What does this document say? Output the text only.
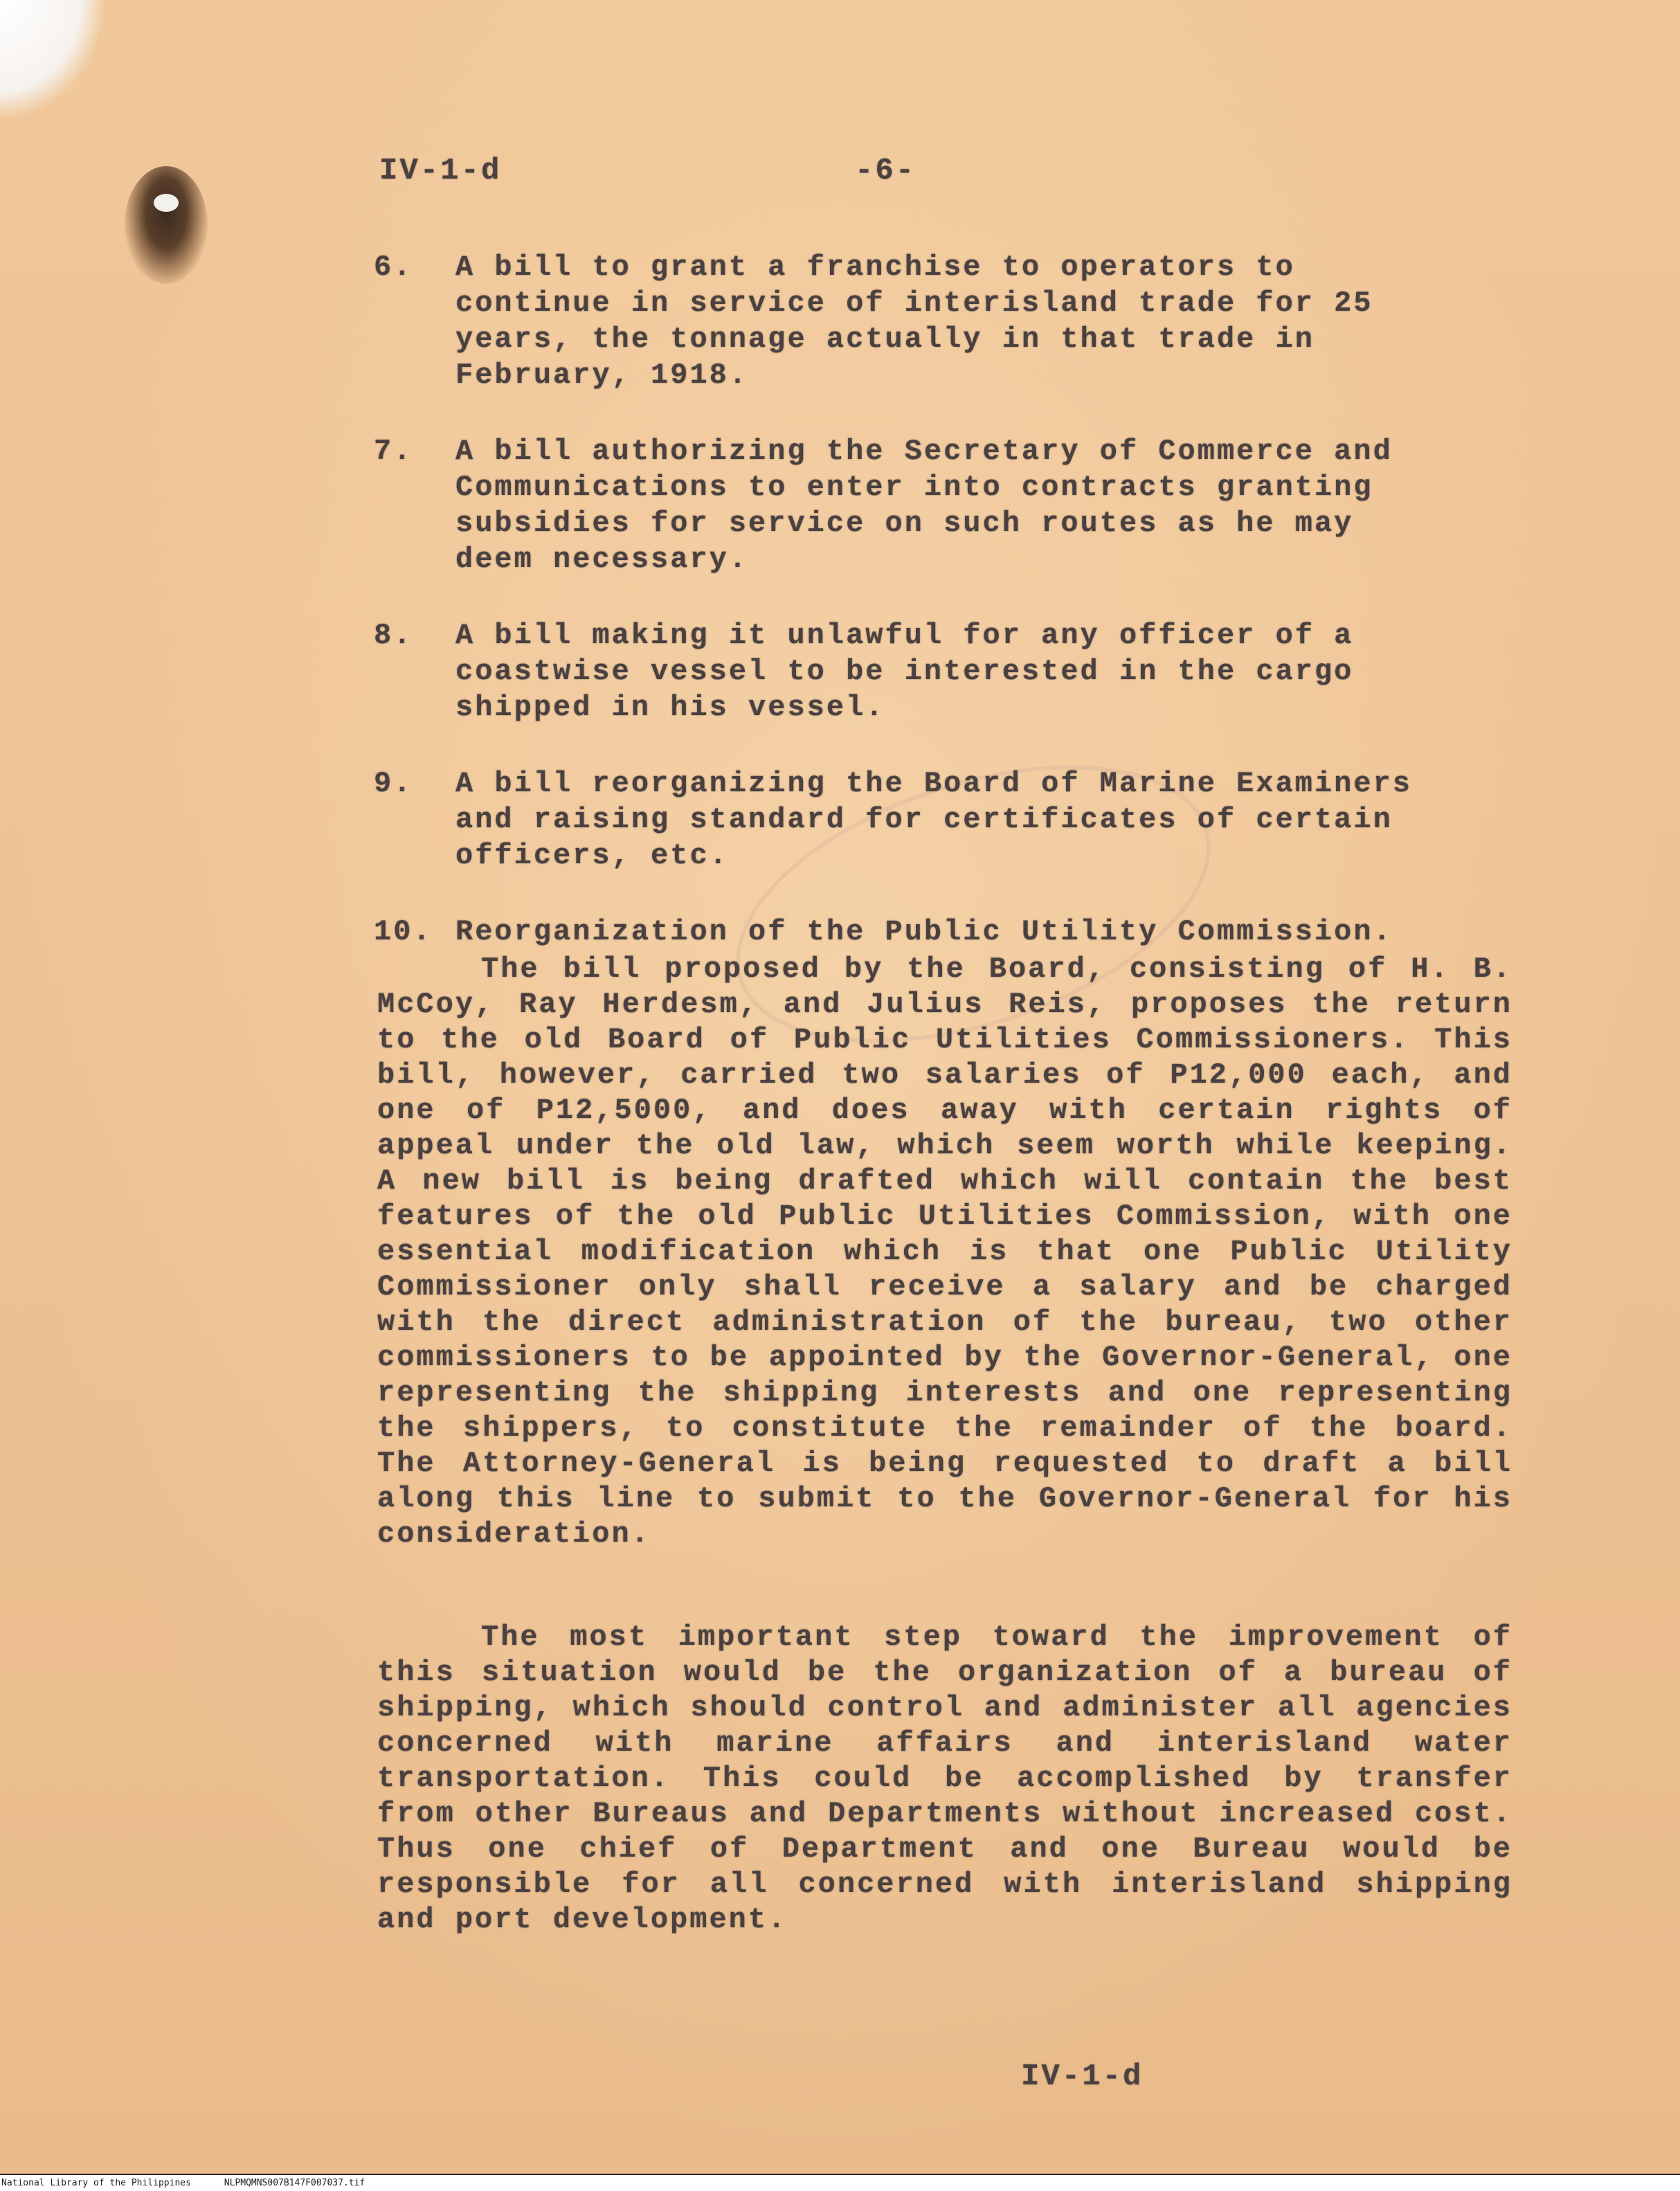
IV-1-d	-6-
6.	A bill to grant a franchise to operators to continue in service of interisland trade for 25 years, the tonnage actually in that trade in February, 1918.
7.	A bill authorizing the Secretary of Commerce and Communications to enter into contracts granting subsidies for service on such routes as he may deem necessary.
8.	A bill making it unlawful for any officer of a coastwise vessel to be interested in the cargo shipped in his vessel.
9.	A bill reorganizing the Board of Marine Examiners and raising standard for certificates of certain officers, etc.
10. Reorganization of the Public Utility Commission.
The bill proposed by the Board, consisting of H. B. McCoy, Ray Herdesm, and Julius Reis, proposes the return to the old Board of Public Utilities Commissioners. This bill, however, carried two salaries of P12,000 each, and one of P12,5000, and does away with certain rights of appeal under the old law, which seem worth while keeping. A new bill is being drafted which will contain the best features of the old Public Utilities Commission, with one essential modification which is that one Public Utility Commissioner only shall receive a salary and be charged with the direct administration of the bureau, two other commissioners to be appointed by the Governor-General, one representing the shipping interests and one representing the shippers, to constitute the remainder of the board. The Attorney-General is being requested to draft a bill along this line to submit to the Governor-General for his consideration.
The most important step toward the improvement of this situation would be the organization of a bureau of shipping, which should control and administer all agencies concerned with marine affairs and interisland water transportation. This could be accomplished by transfer from other Bureaus and Departments without increased cost. Thus one chief of Department and one Bureau would be responsible for all concerned with interisland shipping and port development.
IV-1-d
National Library of the Philippines	NLPMQMNS007B147F007037.tif
